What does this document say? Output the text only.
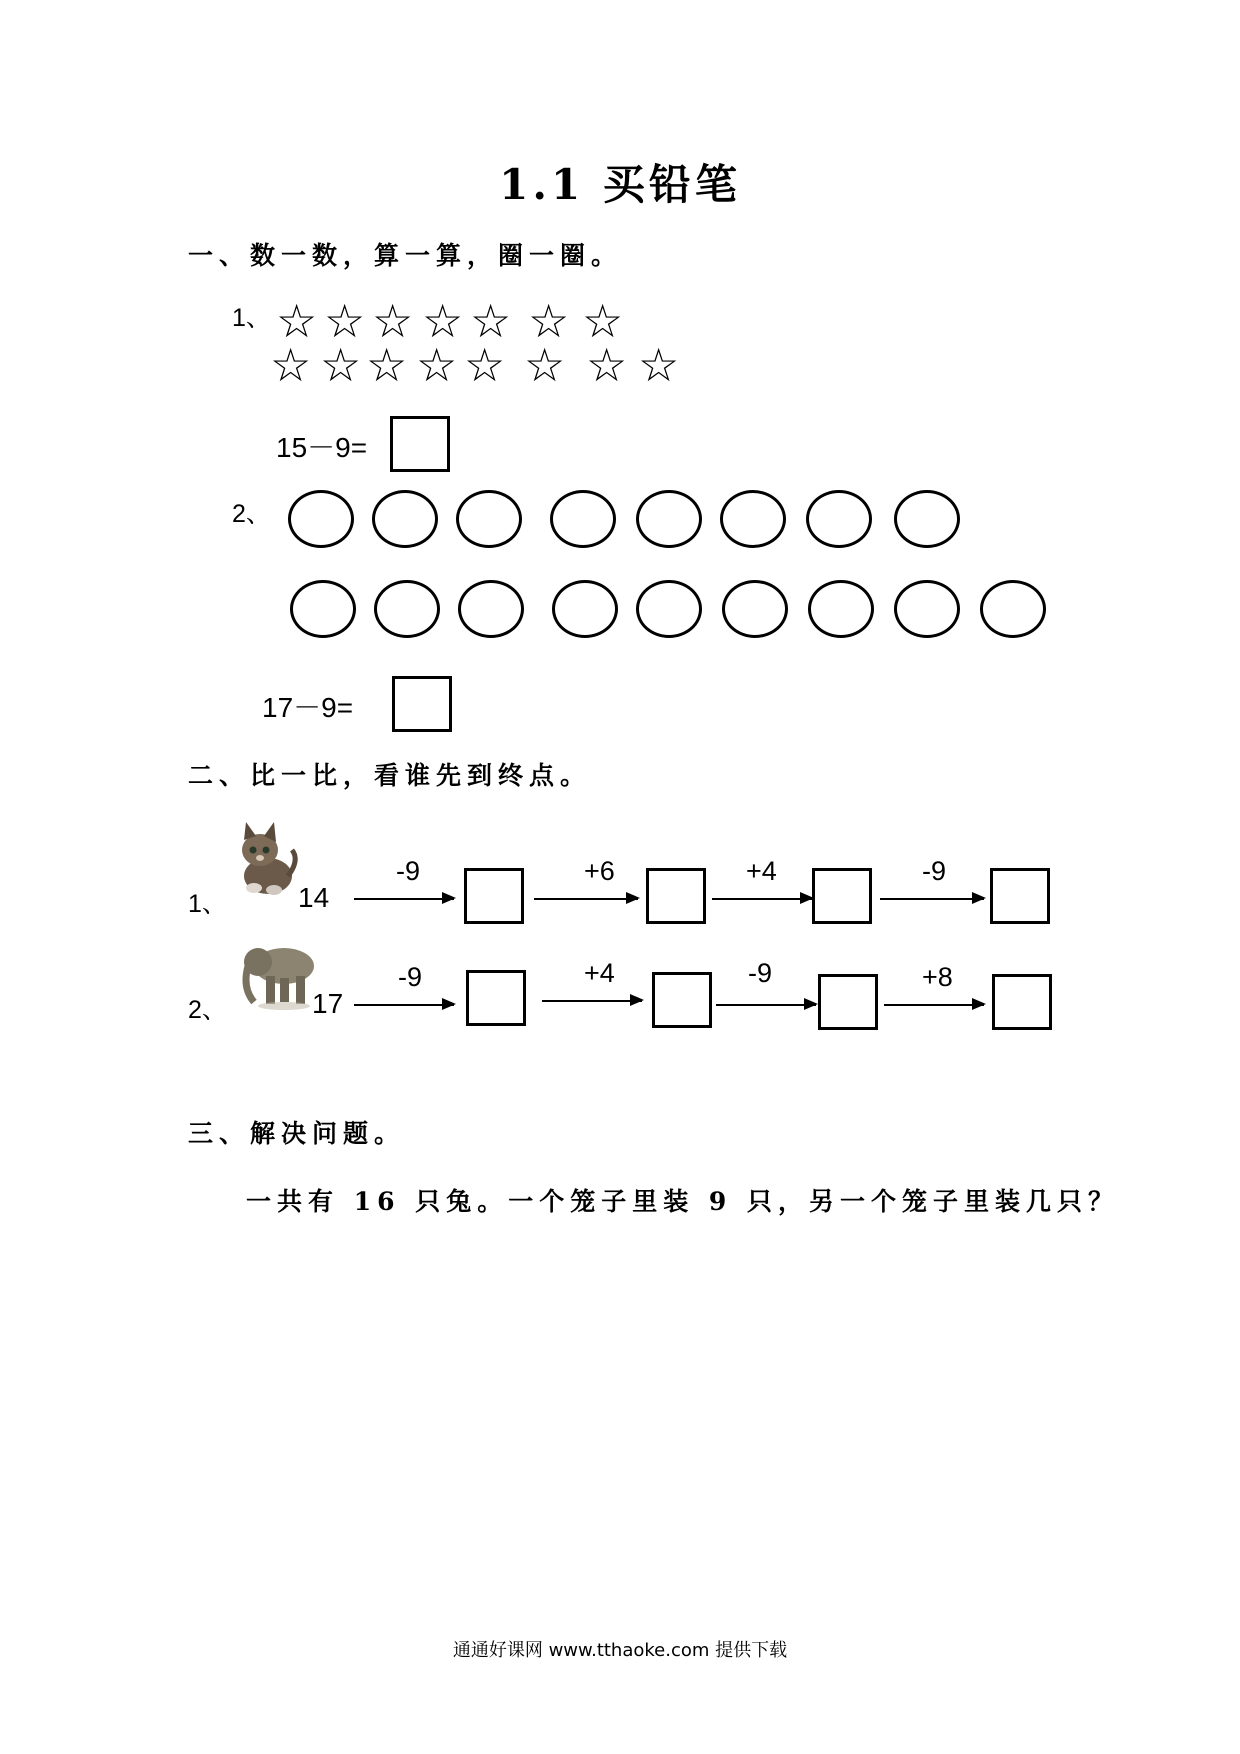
1.1 买铅笔
一、数一数，算一算，圈一圈。
1、 ☆ ☆ ☆ ☆ ☆ ☆ ☆
☆ ☆ ☆ ☆ ☆ ☆ ☆ ☆
15－9=
2、
17－9=
二、比一比，看谁先到终点。
1、	14
-9	+6	+4	-9
2、	17
-9	+4	-9	+8
三、解决问题。
一共有 16 只兔。一个笼子里装 9 只，另一个笼子里装几只？
通通好课网 www.tthaoke.com 提供下载
